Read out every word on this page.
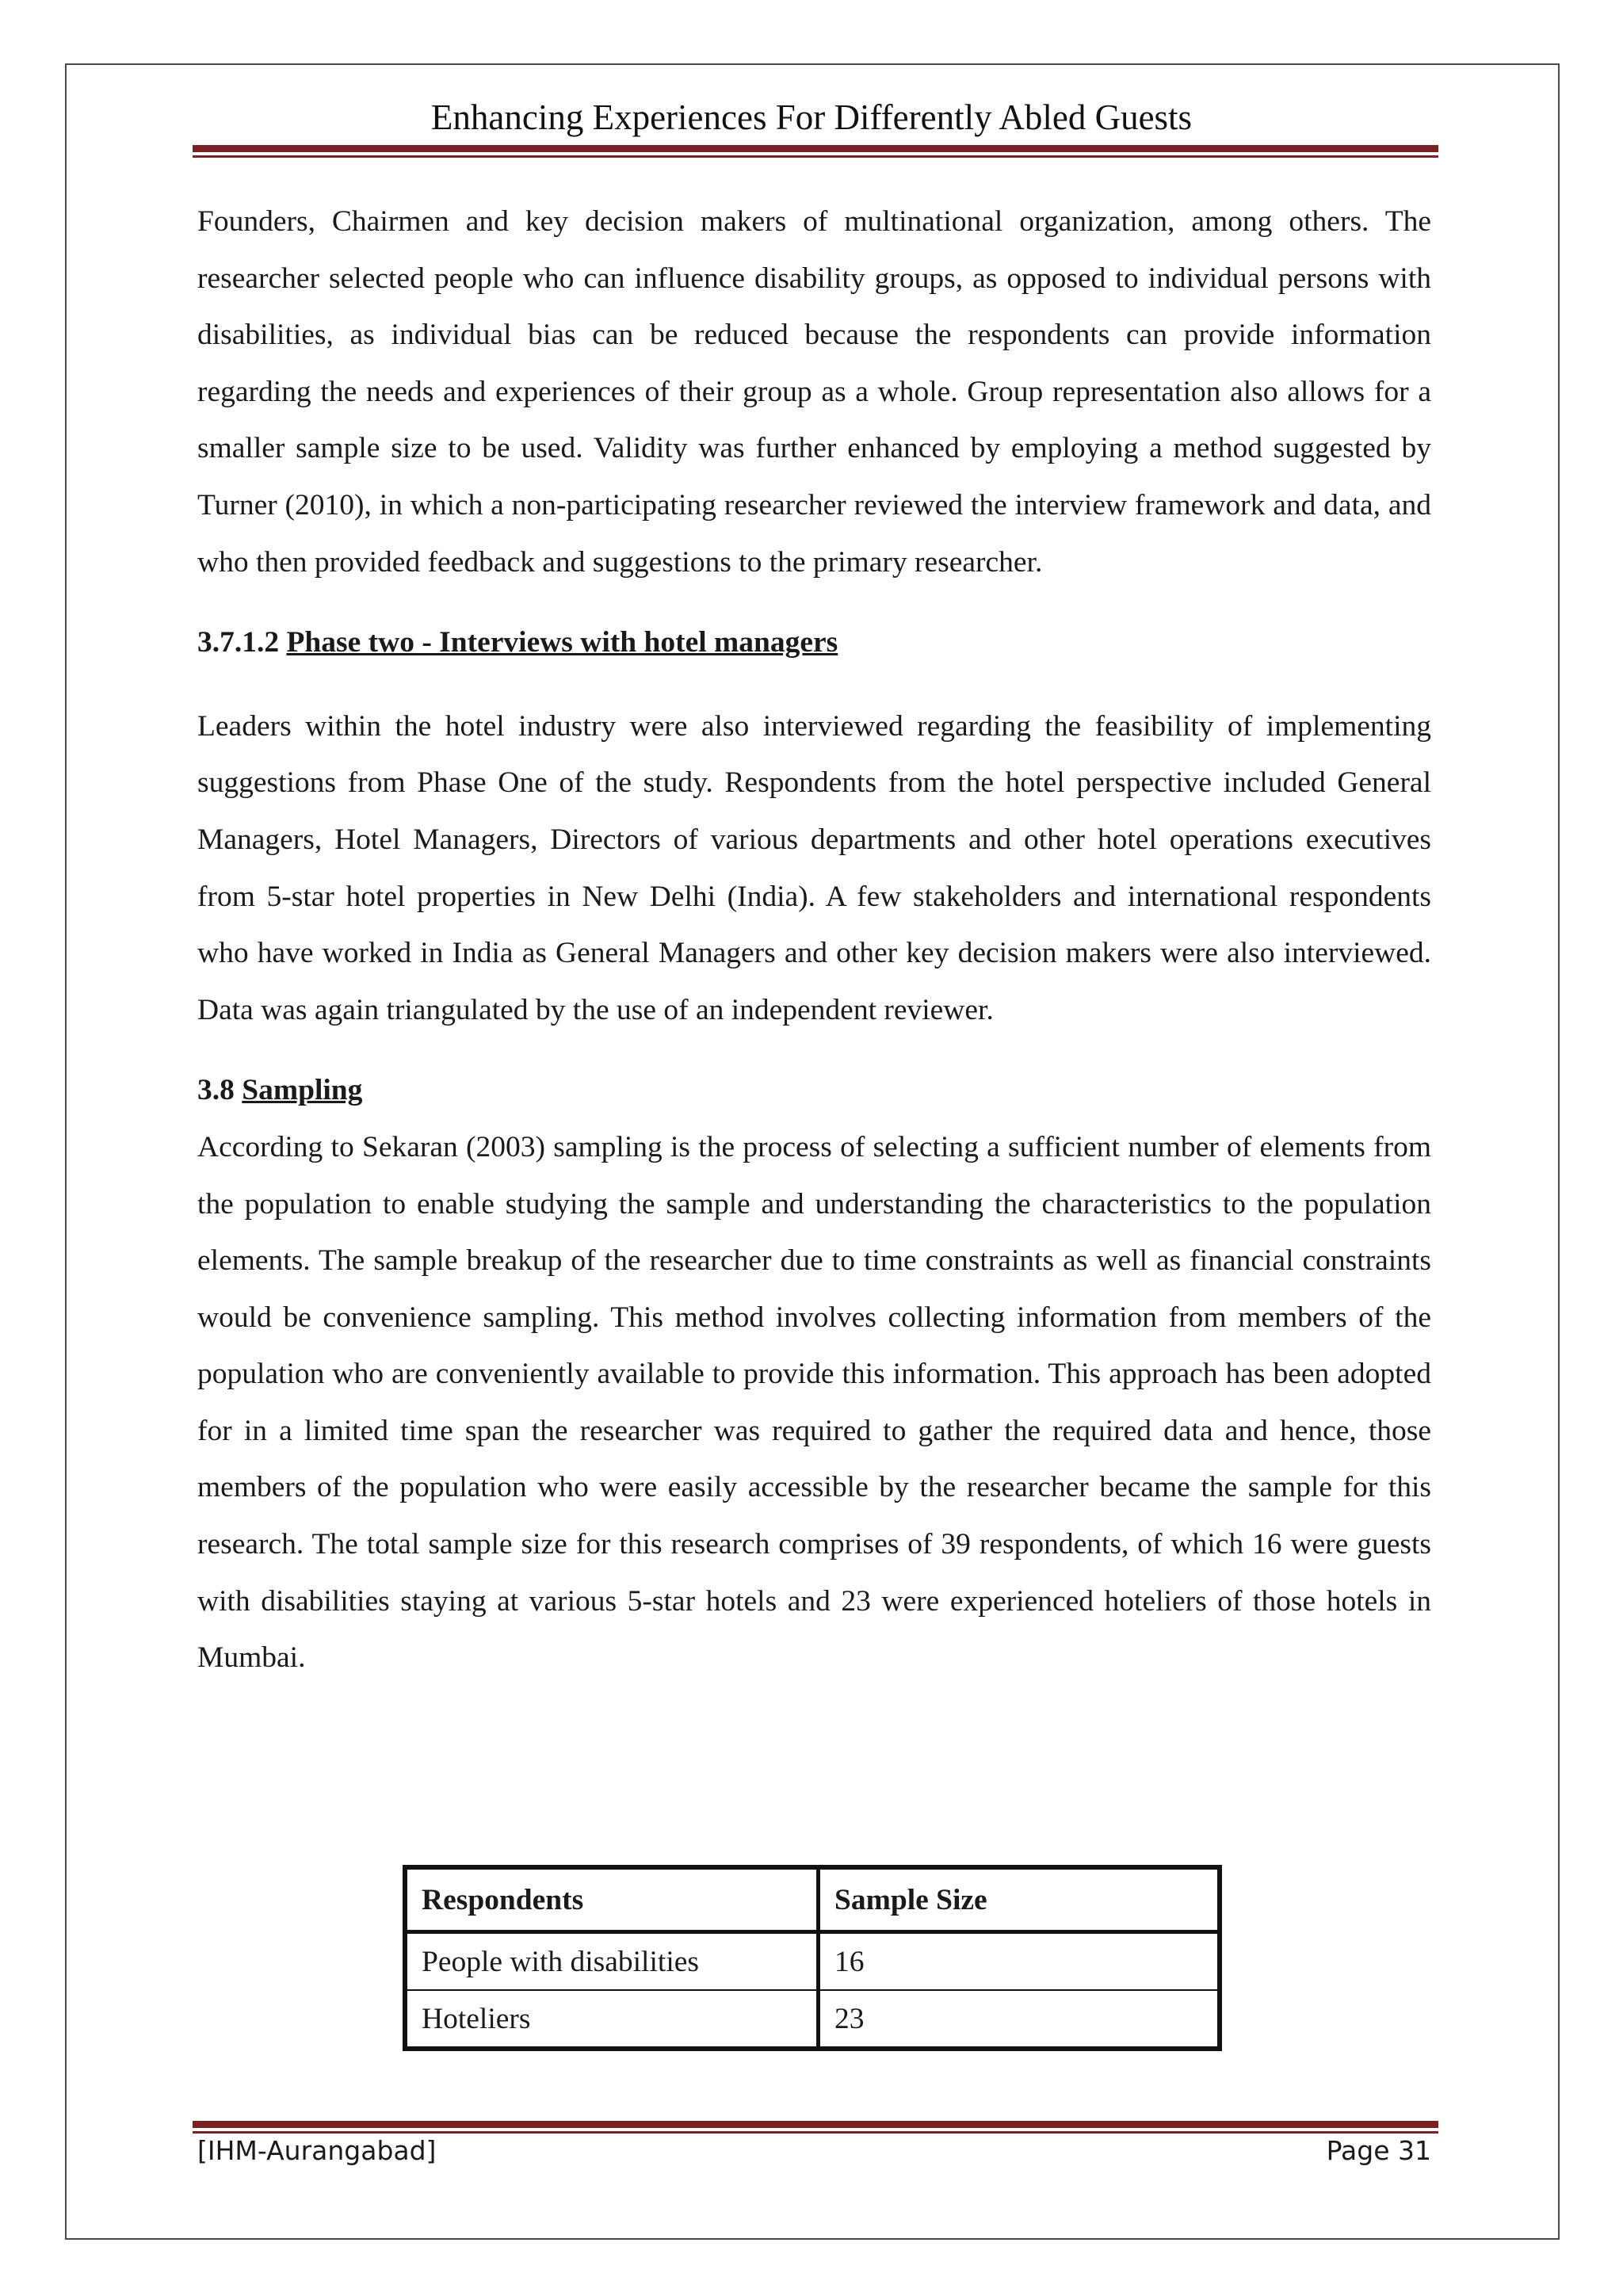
Enhancing Experiences For Differently Abled Guests

Founders, Chairmen and key decision makers of multinational organization, among others. The researcher selected people who can influence disability groups, as opposed to individual persons with disabilities, as individual bias can be reduced because the respondents can provide information regarding the needs and experiences of their group as a whole. Group representation also allows for a smaller sample size to be used. Validity was further enhanced by employing a method suggested by Turner (2010), in which a non-participating researcher reviewed the interview framework and data, and who then provided feedback and suggestions to the primary researcher.

3.7.1.2 Phase two - Interviews with hotel managers

Leaders within the hotel industry were also interviewed regarding the feasibility of implementing suggestions from Phase One of the study. Respondents from the hotel perspective included General Managers, Hotel Managers, Directors of various departments and other hotel operations executives from 5-star hotel properties in New Delhi (India). A few stakeholders and international respondents who have worked in India as General Managers and other key decision makers were also interviewed. Data was again triangulated by the use of an independent reviewer.

3.8 Sampling

According to Sekaran (2003) sampling is the process of selecting a sufficient number of elements from the population to enable studying the sample and understanding the characteristics to the population elements. The sample breakup of the researcher due to time constraints as well as financial constraints would be convenience sampling. This method involves collecting information from members of the population who are conveniently available to provide this information. This approach has been adopted for in a limited time span the researcher was required to gather the required data and hence, those members of the population who were easily accessible by the researcher became the sample for this research. The total sample size for this research comprises of 39 respondents, of which 16 were guests with disabilities staying at various 5-star hotels and 23 were experienced hoteliers of those hotels in Mumbai.

Respondents	Sample Size
People with disabilities	16
Hoteliers	23
[IHM-Aurangabad]	Page 31
